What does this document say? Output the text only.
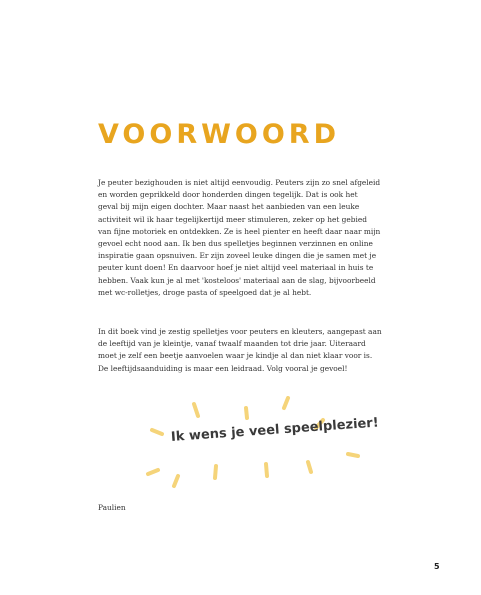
VOORWOORD
Je peuter bezighouden is niet altijd eenvoudig. Peuters zijn zo snel afgeleid
en worden geprikkeld door honderden dingen tegelijk. Dat is ook het
geval bij mijn eigen dochter. Maar naast het aanbieden van een leuke
activiteit wil ik haar tegelijkertijd meer stimuleren, zeker op het gebied
van fijne motoriek en ontdekken. Ze is heel pienter en heeft daar naar mijn
gevoel echt nood aan. Ik ben dus spelletjes beginnen verzinnen en online
inspiratie gaan opsnuiven. Er zijn zoveel leuke dingen die je samen met je
peuter kunt doen! En daarvoor hoef je niet altijd veel materiaal in huis te
hebben. Vaak kun je al met 'kosteloos' materiaal aan de slag, bijvoorbeeld
met wc-rolletjes, droge pasta of speelgoed dat je al hebt.
In dit boek vind je zestig spelletjes voor peuters en kleuters, aangepast aan
de leeftijd van je kleintje, vanaf twaalf maanden tot drie jaar. Uiteraard
moet je zelf een beetje aanvoelen waar je kindje al dan niet klaar voor is.
De leeftijdsaanduiding is maar een leidraad. Volg vooral je gevoel!

Ik wens je veel speelplezier!

Paulien

5
